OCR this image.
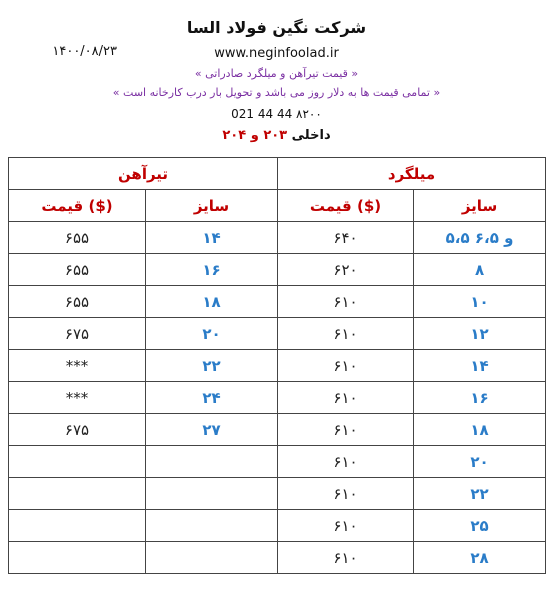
شرکت نگین فولاد السا
۱۴۰۰/۰۸/۲۳	www.neginfoolad.ir
« قیمت تیرآهن و میلگرد صادراتی »
« تمامی قیمت ها به دلار روز می باشد و تحویل بار درب کارخانه است »
021 44 44 ۸۲۰۰
داخلی ۲۰۳ و ۲۰۴
تیرآهن		میلگرد	
قیمت ($)	سایز	قیمت ($)	سایز
۶۵۵	۱۴	۶۴۰	۵،۵ و ۶،۵
۶۵۵	۱۶	۶۲۰	۸
۶۵۵	۱۸	۶۱۰	۱۰
۶۷۵	۲۰	۶۱۰	۱۲
***	۲۲	۶۱۰	۱۴
***	۲۴	۶۱۰	۱۶
۶۷۵	۲۷	۶۱۰	۱۸
		۶۱۰	۲۰
		۶۱۰	۲۲
		۶۱۰	۲۵
		۶۱۰	۲۸
